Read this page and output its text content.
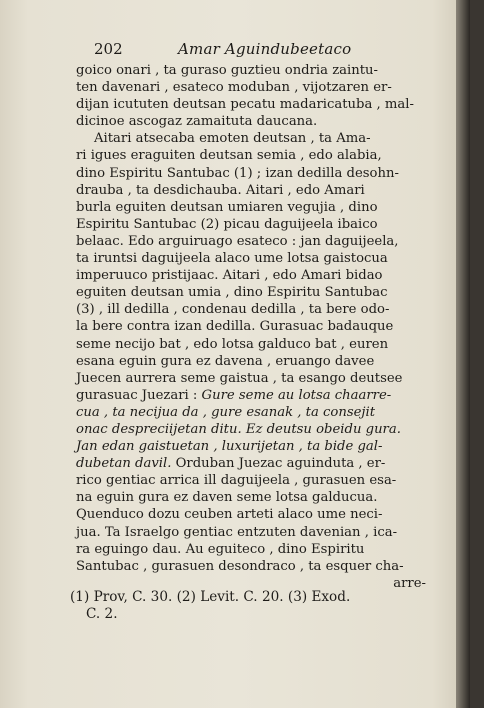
202	Amar Aguindubeetaco
goico onari , ta guraso guztieu ondria zaintu-
ten davenari , esateco moduban , vijotzaren er-
dijan icututen deutsan pecatu madaricatuba , mal-
dicinoe ascogaz zamaituta daucana.
Aitari atsecaba emoten deutsan , ta Ama-
ri igues eraguiten deutsan semia , edo alabia,
dino Espiritu Santubac (1) ; izan dedilla desohn-
drauba , ta desdichauba. Aitari , edo Amari
burla eguiten deutsan umiaren vegujia , dino
Espiritu Santubac (2) picau daguijeela ibaico
belaac. Edo arguiruago esateco : jan daguijeela,
ta iruntsi daguijeela alaco ume lotsa gaistocua
imperuuco pristijaac. Aitari , edo Amari bidao
eguiten deutsan umia , dino Espiritu Santubac
(3) , ill dedilla , condenau dedilla , ta bere odo-
la bere contra izan dedilla. Gurasuac badauque
seme necijo bat , edo lotsa galduco bat , euren
esana eguin gura ez davena , eruango davee
Juecen aurrera seme gaistua , ta esango deutsee
gurasuac Juezari : Gure seme au lotsa chaarre-
cua , ta necijua da , gure esanak , ta consejit
onac despreciijetan ditu. Ez deutsu obeidu gura.
Jan edan gaistuetan , luxurijetan , ta bide gal-
dubetan davil. Orduban Juezac aguinduta , er-
rico gentiac arrica ill daguijeela , gurasuen esa-
na eguin gura ez daven seme lotsa galducua.
Quenduco dozu ceuben arteti alaco ume neci-
jua. Ta Israelgo gentiac entzuten davenian , ica-
ra eguingo dau. Au eguiteco , dino Espiritu
Santubac , gurasuen desondraco , ta esquer cha-
arre-
(1) Prov, C. 30. (2) Levit. C. 20. (3) Exod.
C. 2.
